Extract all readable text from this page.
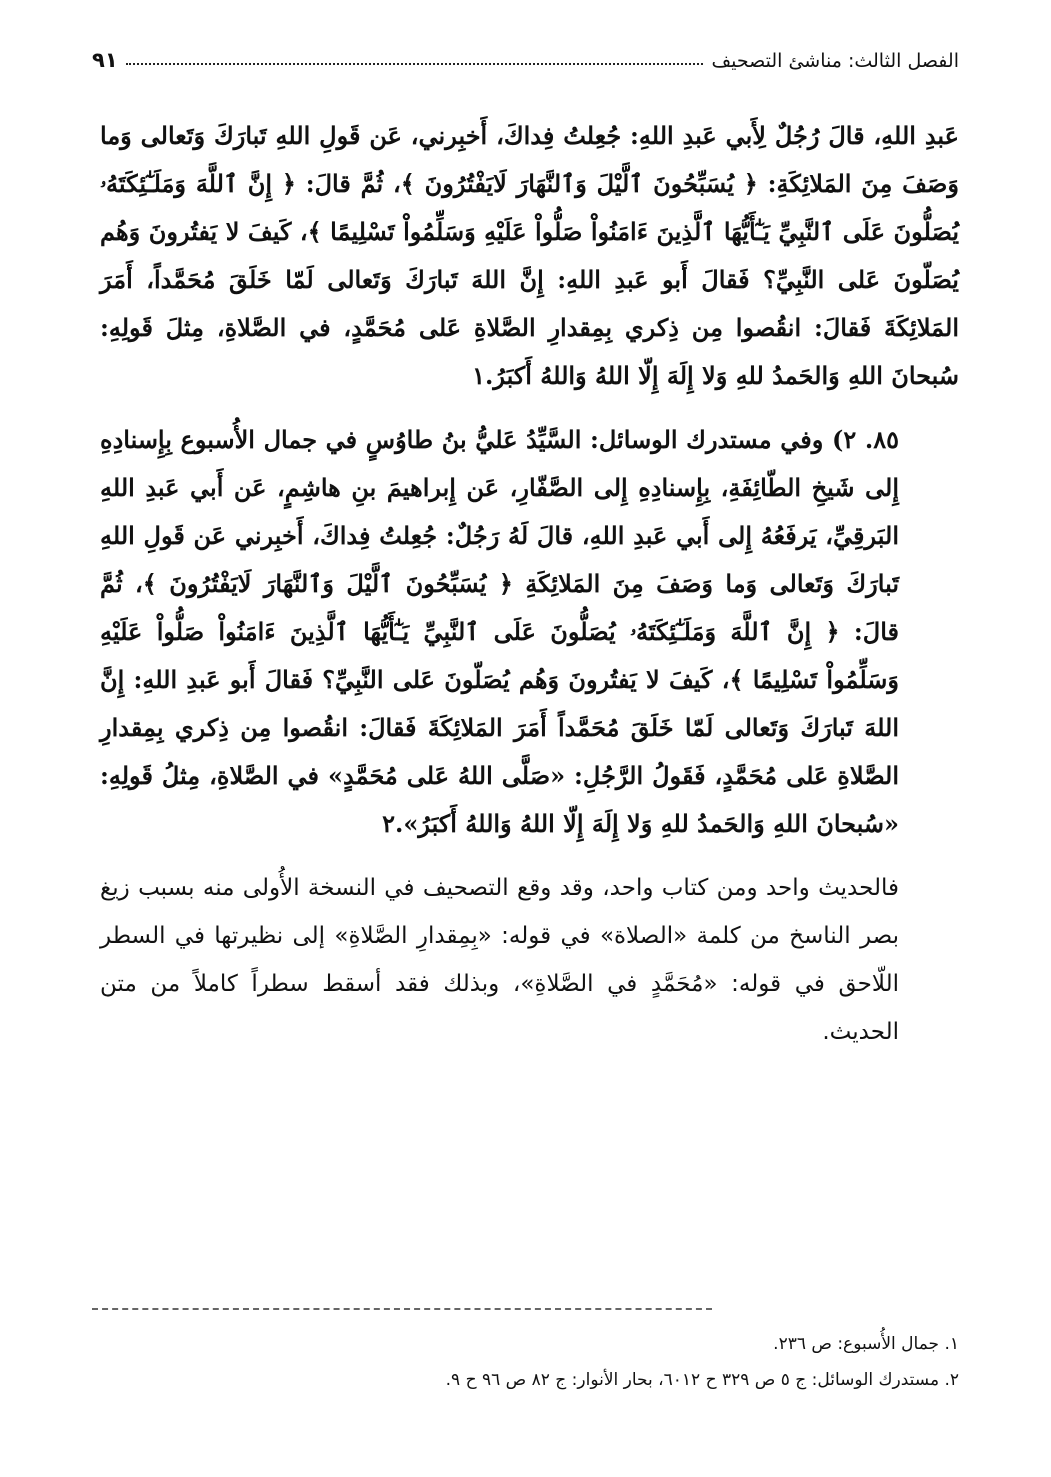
الفصل الثالث: مناشئ التصحيف
٩١

عَبدِ اللهِ، قالَ رُجُلٌ لِأَبي عَبدِ اللهِ: جُعِلتُ فِداكَ، أَخبِرني، عَن قَولِ اللهِ تَبارَكَ وَتَعالى وَما وَصَفَ مِنَ المَلائِكَةِ: ﴿ يُسَبِّحُونَ ٱلَّيْلَ وَٱلنَّهَارَ لَايَفْتُرُونَ ﴾، ثُمَّ قالَ: ﴿ إِنَّ ٱللَّهَ وَمَلَـٰٓئِكَتَهُۥ يُصَلُّونَ عَلَى ٱلنَّبِيِّ يَـٰٓأَيُّهَا ٱلَّذِينَ ءَامَنُواْ صَلُّواْ عَلَيْهِ وَسَلِّمُواْ تَسْلِيمًا ﴾، كَيفَ لا يَفتُرونَ وَهُم يُصَلّونَ عَلى النَّبِيِّ؟ فَقالَ أَبو عَبدِ اللهِ: إِنَّ اللهَ تَبارَكَ وَتَعالى لَمّا خَلَقَ مُحَمَّداً، أَمَرَ المَلائِكَةَ فَقالَ: انقُصوا مِن ذِكري بِمِقدارِ الصَّلاةِ عَلى مُحَمَّدٍ، في الصَّلاةِ، مِثلَ قَولِهِ: سُبحانَ اللهِ وَالحَمدُ للهِ وَلا إِلَهَ إِلّا اللهُ وَاللهُ أَكبَرُ.١

٨٥. ٢) وفي مستدرك الوسائل: السَّيِّدُ عَليُّ بنُ طاوُسٍ في جمال الأُسبوع بِإِسنادِهِ إِلى شَيخِ الطّائِفَةِ، بِإِسنادِهِ إِلى الصَّفّارِ، عَن إِبراهيمَ بنِ هاشِمٍ، عَن أَبي عَبدِ اللهِ البَرقِيِّ، يَرفَعُهُ إِلى أَبي عَبدِ اللهِ، قالَ لَهُ رَجُلٌ: جُعِلتُ فِداكَ، أَخبِرني عَن قَولِ اللهِ تَبارَكَ وَتَعالى وَما وَصَفَ مِنَ المَلائِكَةِ ﴿ يُسَبِّحُونَ ٱلَّيْلَ وَٱلنَّهَارَ لَايَفْتُرُونَ ﴾، ثُمَّ قالَ: ﴿ إِنَّ ٱللَّهَ وَمَلَـٰٓئِكَتَهُۥ يُصَلُّونَ عَلَى ٱلنَّبِيِّ يَـٰٓأَيُّهَا ٱلَّذِينَ ءَامَنُواْ صَلُّواْ عَلَيْهِ وَسَلِّمُواْ تَسْلِيمًا ﴾، كَيفَ لا يَفتُرونَ وَهُم يُصَلّونَ عَلى النَّبِيِّ؟ فَقالَ أَبو عَبدِ اللهِ: إِنَّ اللهَ تَبارَكَ وَتَعالى لَمّا خَلَقَ مُحَمَّداً أَمَرَ المَلائِكَةَ فَقالَ: انقُصوا مِن ذِكري بِمِقدارِ الصَّلاةِ عَلى مُحَمَّدٍ، فَقَولُ الرَّجُلِ: «صَلَّى اللهُ عَلى مُحَمَّدٍ» في الصَّلاةِ، مِثلُ قَولِهِ: «سُبحانَ اللهِ وَالحَمدُ للهِ وَلا إِلَهَ إِلّا اللهُ وَاللهُ أَكبَرُ».٢

فالحديث واحد ومن كتاب واحد، وقد وقع التصحيف في النسخة الأُولى منه بسبب زيغ بصر الناسخ من كلمة «الصلاة» في قوله: «بِمِقدارِ الصَّلاةِ» إلى نظيرتها في السطر اللّاحق في قوله: «مُحَمَّدٍ في الصَّلاةِ»، وبذلك فقد أسقط سطراً كاملاً من متن الحديث.

١. جمال الأُسبوع: ص ٢٣٦.

٢. مستدرك الوسائل: ج ٥ ص ٣٢٩ ح ٦٠١٢، بحار الأنوار: ج ٨٢ ص ٩٦ ح ٩.
